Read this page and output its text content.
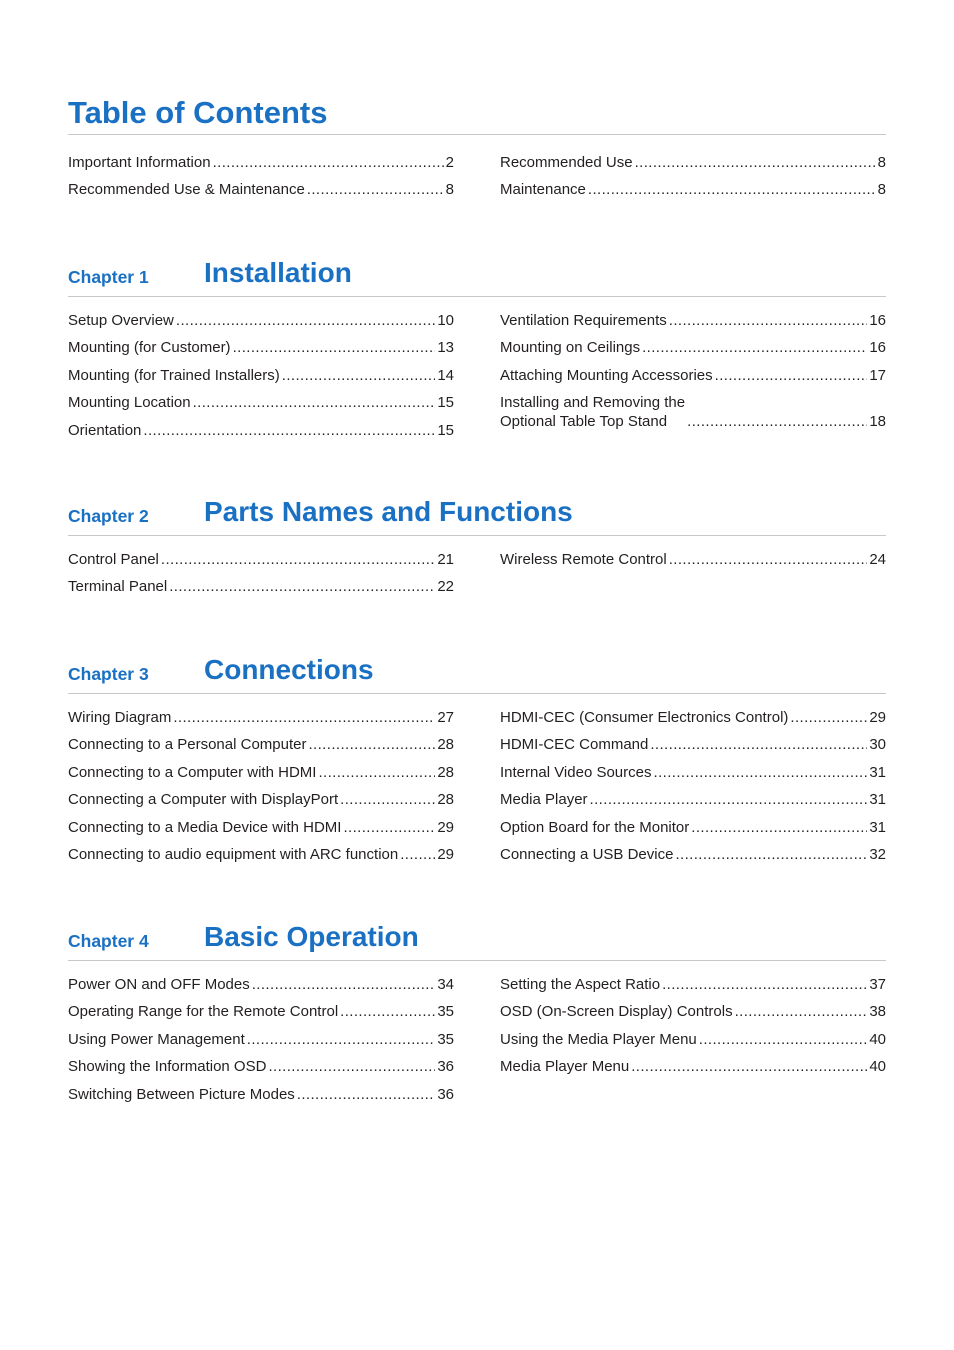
Table of Contents
Important Information .....	2
Recommended Use & Maintenance .....	8
Recommended Use .....	8
Maintenance .....	8
Chapter 1 Installation
Setup Overview .....	10
Mounting (for Customer) .....	13
Mounting (for Trained Installers) .....	14
Mounting Location .....	15
Orientation .....	15
Ventilation Requirements .....	16
Mounting on Ceilings .....	16
Attaching Mounting Accessories .....	17
Installing and Removing the
Optional Table Top Stand .....	18
Chapter 2 Parts Names and Functions
Control Panel .....	21
Terminal Panel .....	22
Wireless Remote Control .....	24
Chapter 3 Connections
Wiring Diagram .....	27
Connecting to a Personal Computer .....	28
Connecting to a Computer with HDMI .....	28
Connecting a Computer with DisplayPort .....	28
Connecting to a Media Device with HDMI .....	29
Connecting to audio equipment with ARC function .....	29
HDMI-CEC (Consumer Electronics Control) .....	29
HDMI-CEC Command .....	30
Internal Video Sources .....	31
Media Player .....	31
Option Board for the Monitor .....	31
Connecting a USB Device .....	32
Chapter 4 Basic Operation
Power ON and OFF Modes .....	34
Operating Range for the Remote Control .....	35
Using Power Management .....	35
Showing the Information OSD .....	36
Switching Between Picture Modes .....	36
Setting the Aspect Ratio .....	37
OSD (On-Screen Display) Controls .....	38
Using the Media Player Menu .....	40
Media Player Menu .....	40
